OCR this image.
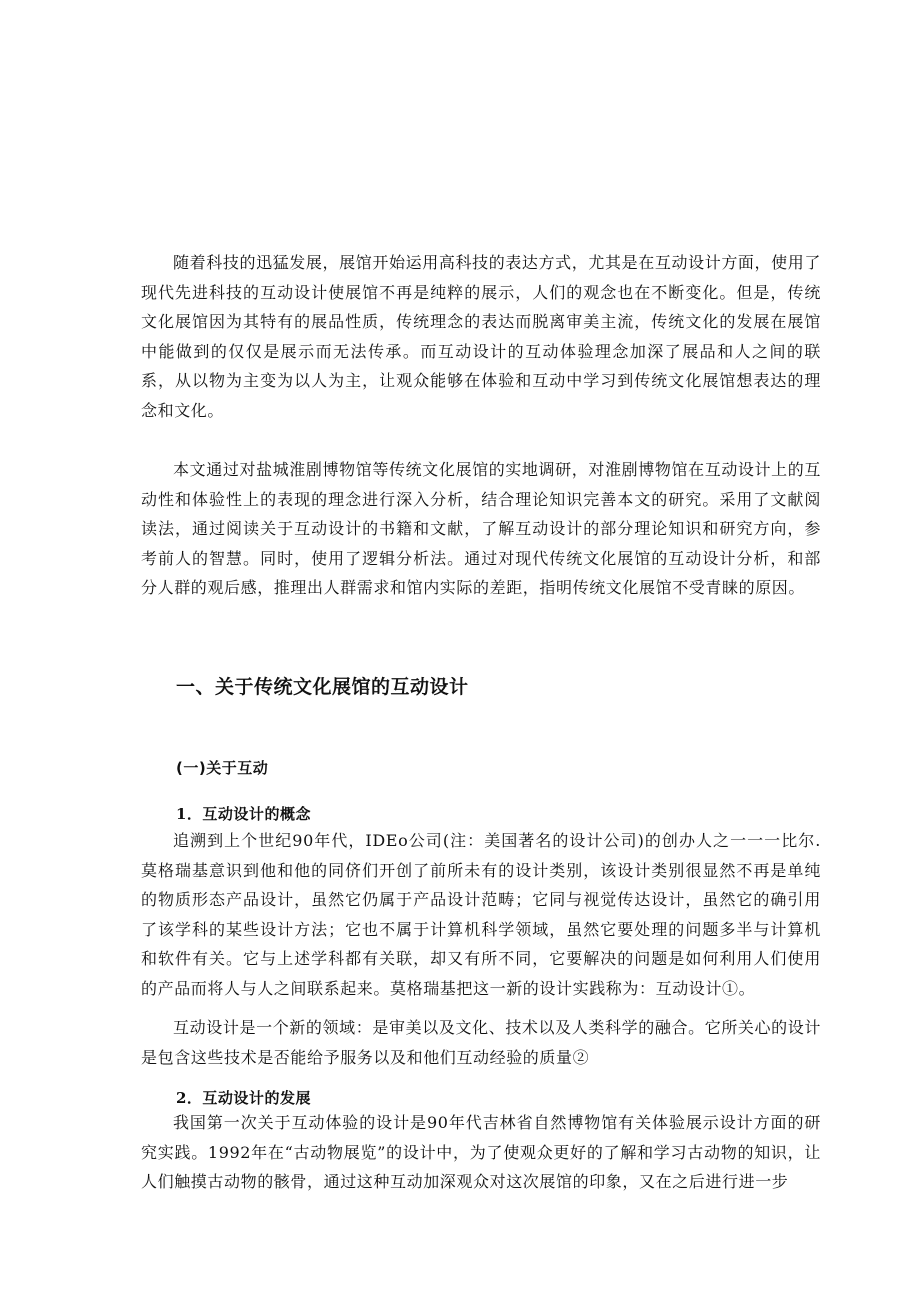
随着科技的迅猛发展，展馆开始运用高科技的表达方式，尤其是在互动设计方面，使用了现代先进科技的互动设计使展馆不再是纯粹的展示，人们的观念也在不断变化。但是，传统文化展馆因为其特有的展品性质，传统理念的表达而脱离审美主流，传统文化的发展在展馆中能做到的仅仅是展示而无法传承。而互动设计的互动体验理念加深了展品和人之间的联系，从以物为主变为以人为主，让观众能够在体验和互动中学习到传统文化展馆想表达的理念和文化。

本文通过对盐城淮剧博物馆等传统文化展馆的实地调研，对淮剧博物馆在互动设计上的互动性和体验性上的表现的理念进行深入分析，结合理论知识完善本文的研究。采用了文献阅读法，通过阅读关于互动设计的书籍和文献，了解互动设计的部分理论知识和研究方向，参考前人的智慧。同时，使用了逻辑分析法。通过对现代传统文化展馆的互动设计分析，和部分人群的观后感，推理出人群需求和馆内实际的差距，指明传统文化展馆不受青睐的原因。

一、关于传统文化展馆的互动设计
(一)关于互动
1．互动设计的概念

追溯到上个世纪90年代，IDEo公司(注：美国著名的设计公司)的创办人之一一一比尔.莫格瑞基意识到他和他的同侪们开创了前所未有的设计类别，该设计类别很显然不再是单纯的物质形态产品设计，虽然它仍属于产品设计范畴；它同与视觉传达设计，虽然它的确引用了该学科的某些设计方法；它也不属于计算机科学领域，虽然它要处理的问题多半与计算机和软件有关。它与上述学科都有关联，却又有所不同，它要解决的问题是如何利用人们使用的产品而将人与人之间联系起来。莫格瑞基把这一新的设计实践称为：互动设计①。

互动设计是一个新的领域：是审美以及文化、技术以及人类科学的融合。它所关心的设计是包含这些技术是否能给予服务以及和他们互动经验的质量②

2．互动设计的发展

我国第一次关于互动体验的设计是90年代吉林省自然博物馆有关体验展示设计方面的研究实践。1992年在“古动物展览”的设计中，为了使观众更好的了解和学习古动物的知识，让人们触摸古动物的骸骨，通过这种互动加深观众对这次展馆的印象，又在之后进行进一步
